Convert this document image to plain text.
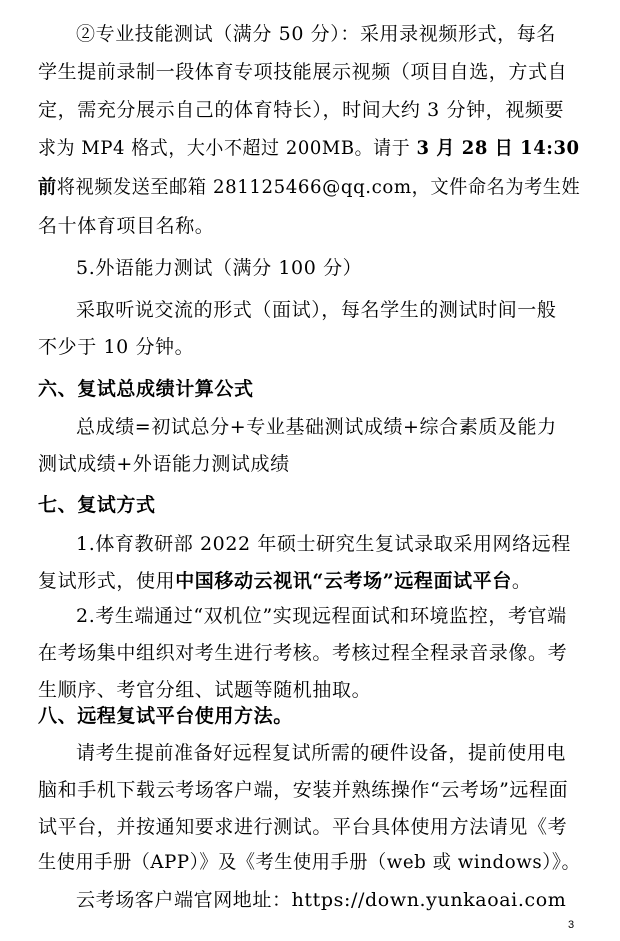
②专业技能测试（满分 50 分）：采用录视频形式，每名
学生提前录制一段体育专项技能展示视频（项目自选，方式自
定，需充分展示自己的体育特长），时间大约 3 分钟，视频要
求为 MP4 格式，大小不超过 200MB。请于 3 月 28 日 14:30
前将视频发送至邮箱 281125466@qq.com，文件命名为考生姓
名十体育项目名称。
5.外语能力测试（满分 100 分）
采取听说交流的形式（面试），每名学生的测试时间一般
不少于 10 分钟。
六、复试总成绩计算公式
总成绩=初试总分+专业基础测试成绩+综合素质及能力
测试成绩+外语能力测试成绩
七、复试方式
1.体育教研部 2022 年硕士研究生复试录取采用网络远程
复试形式，使用中国移动云视讯“云考场”远程面试平台。
2.考生端通过“双机位”实现远程面试和环境监控，考官端
在考场集中组织对考生进行考核。考核过程全程录音录像。考
生顺序、考官分组、试题等随机抽取。
八、远程复试平台使用方法。
请考生提前准备好远程复试所需的硬件设备，提前使用电
脑和手机下载云考场客户端，安装并熟练操作“云考场”远程面
试平台，并按通知要求进行测试。平台具体使用方法请见《考
生使用手册（APP）》及《考生使用手册（web 或 windows）》。
云考场客户端官网地址：https://down.yunkaoai.com
3
